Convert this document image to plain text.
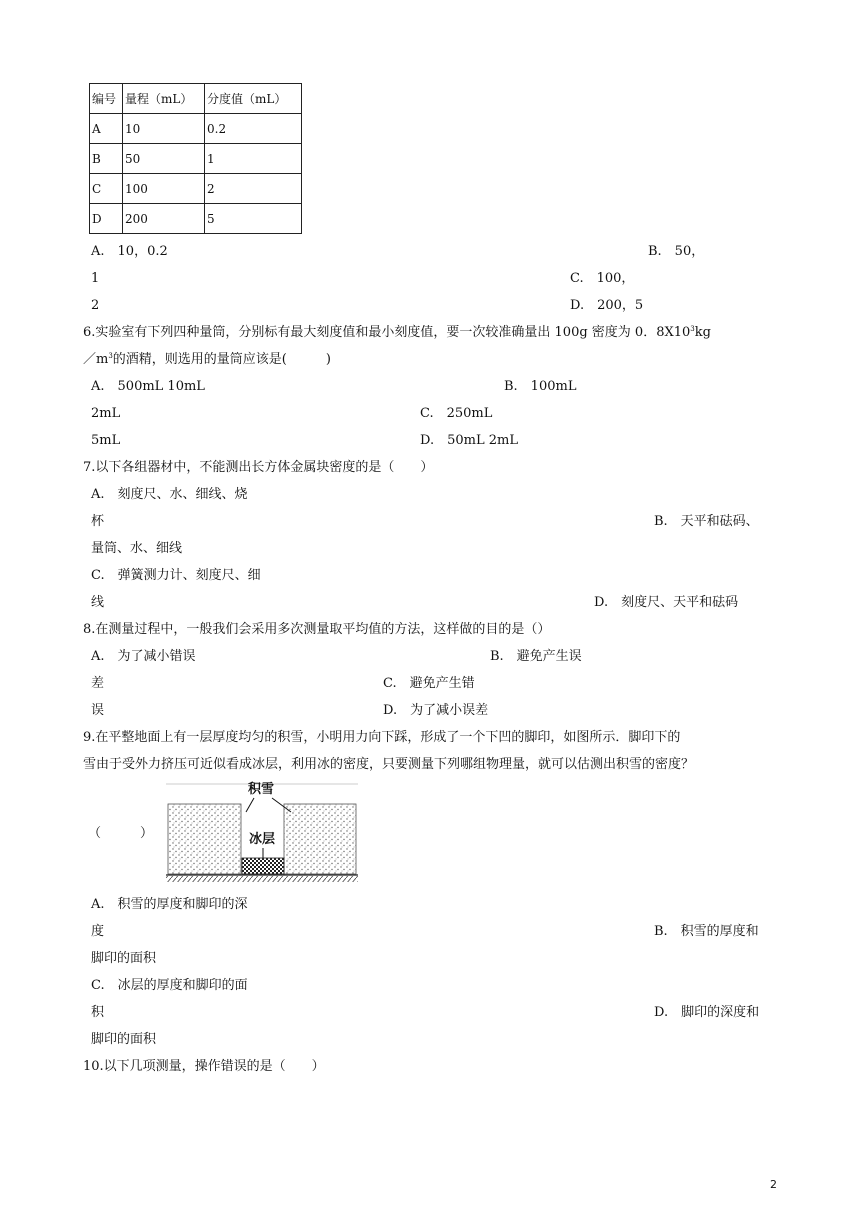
编号	量程（mL）	分度值（mL）
A	10	0.2
B	50	1
C	100	2
D	200	5
A.　10，0.2	B.　50，
1	C.　100，
2	D.　200，5
6.实验室有下列四种量筒，分别标有最大刻度值和最小刻度值，要一次较准确量出 100g 密度为 0．$8X10^3kg$
$/m^3$的酒精，则选用的量筒应该是(　　　)
A.　500mL 10mL	B.　100mL
2mL	C.　250mL
5mL	D.　50mL 2mL
7.以下各组器材中，不能测出长方体金属块密度的是（　　）
A.　刻度尺、水、细线、烧
杯	B.　天平和砝码、
量筒、水、细线
C.　弹簧测力计、刻度尺、细
线	D.　刻度尺、天平和砝码
8.在测量过程中，一般我们会采用多次测量取平均值的方法，这样做的目的是（）
A.　为了减小错误	B.　避免产生误
差	C.　避免产生错
误	D.　为了减小误差
9.在平整地面上有一层厚度均匀的积雪，小明用力向下踩，形成了一个下凹的脚印，如图所示．脚印下的
雪由于受外力挤压可近似看成冰层，利用冰的密度，只要测量下列哪组物理量，就可以估测出积雪的密度？
（　　　）
积雪
冰层
A.　积雪的厚度和脚印的深
度	B.　积雪的厚度和
脚印的面积
C.　冰层的厚度和脚印的面
积	D.　脚印的深度和
脚印的面积
10.以下几项测量，操作错误的是（　　）
2
